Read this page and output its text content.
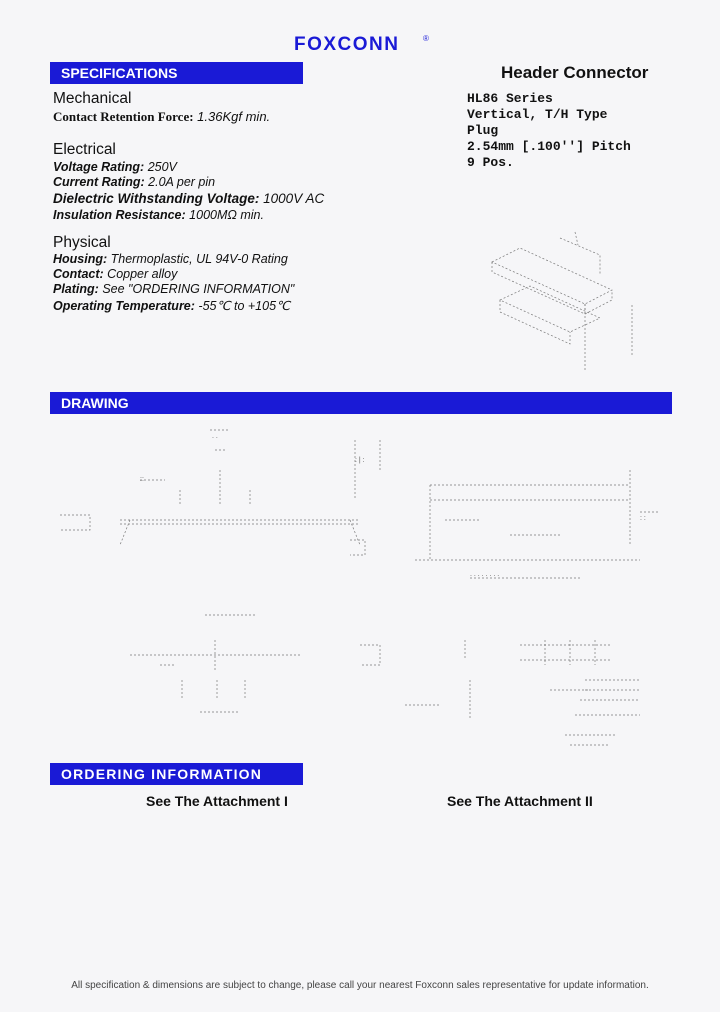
FOXCONN	®
SPECIFICATIONS
DRAWING
ORDERING INFORMATION
Header Connector
HL86 Series
Vertical, T/H Type
Plug
2.54mm [.100''] Pitch
9 Pos.
Mechanical
Contact Retention Force: 1.36Kgf min.
Electrical
Voltage Rating: 250V
Current Rating: 2.0A per pin
Dielectric Withstanding Voltage: 1000V AC
Insulation Resistance: 1000MΩ min.
Physical
Housing: Thermoplastic, UL 94V-0 Rating
Contact: Copper alloy
Plating: See "ORDERING INFORMATION"
Operating Temperature: -55℃ to +105℃
. .
::
: | :
. . . . . . . .
: :
See The Attachment I	See The Attachment II
All specification & dimensions are subject to change, please call your nearest Foxconn sales representative for update information.
